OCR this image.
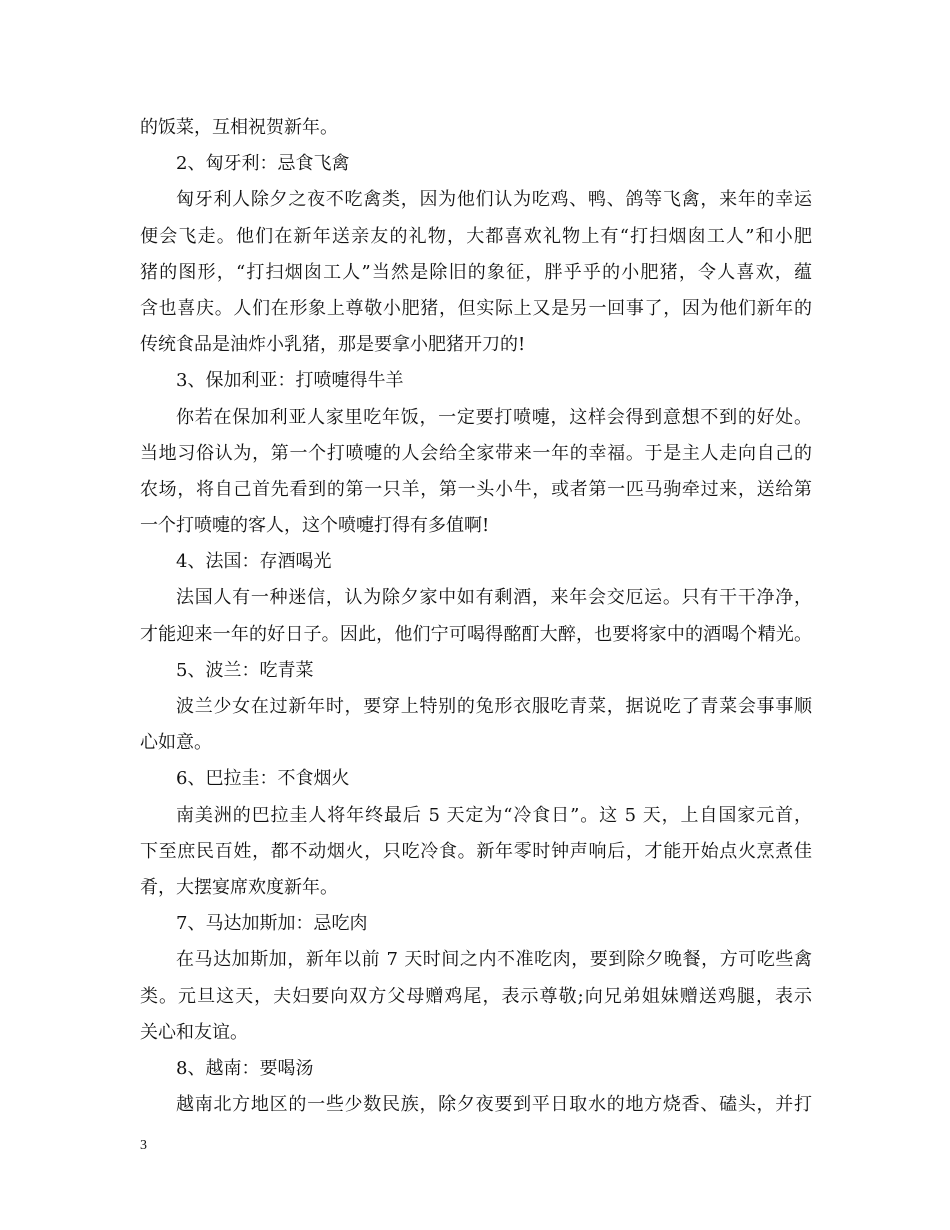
的饭菜，互相祝贺新年。
2、匈牙利：忌食飞禽
匈牙利人除夕之夜不吃禽类，因为他们认为吃鸡、鸭、鸽等飞禽，来年的幸运
便会飞走。他们在新年送亲友的礼物，大都喜欢礼物上有“打扫烟囱工人”和小肥
猪的图形，“打扫烟囱工人”当然是除旧的象征，胖乎乎的小肥猪，令人喜欢，蕴
含也喜庆。人们在形象上尊敬小肥猪，但实际上又是另一回事了，因为他们新年的
传统食品是油炸小乳猪，那是要拿小肥猪开刀的!
3、保加利亚：打喷嚏得牛羊
你若在保加利亚人家里吃年饭，一定要打喷嚏，这样会得到意想不到的好处。
当地习俗认为，第一个打喷嚏的人会给全家带来一年的幸福。于是主人走向自己的
农场，将自己首先看到的第一只羊，第一头小牛，或者第一匹马驹牵过来，送给第
一个打喷嚏的客人，这个喷嚏打得有多值啊!
4、法国：存酒喝光
法国人有一种迷信，认为除夕家中如有剩酒，来年会交厄运。只有干干净净，
才能迎来一年的好日子。因此，他们宁可喝得酩酊大醉，也要将家中的酒喝个精光。
5、波兰：吃青菜
波兰少女在过新年时，要穿上特别的兔形衣服吃青菜，据说吃了青菜会事事顺
心如意。
6、巴拉圭：不食烟火
南美洲的巴拉圭人将年终最后 5 天定为“冷食日”。这 5 天，上自国家元首，
下至庶民百姓，都不动烟火，只吃冷食。新年零时钟声响后，才能开始点火烹煮佳
肴，大摆宴席欢度新年。
7、马达加斯加：忌吃肉
在马达加斯加，新年以前 7 天时间之内不准吃肉，要到除夕晚餐，方可吃些禽
类。元旦这天，夫妇要向双方父母赠鸡尾，表示尊敬;向兄弟姐妹赠送鸡腿，表示
关心和友谊。
8、越南：要喝汤
越南北方地区的一些少数民族，除夕夜要到平日取水的地方烧香、磕头，并打
3
